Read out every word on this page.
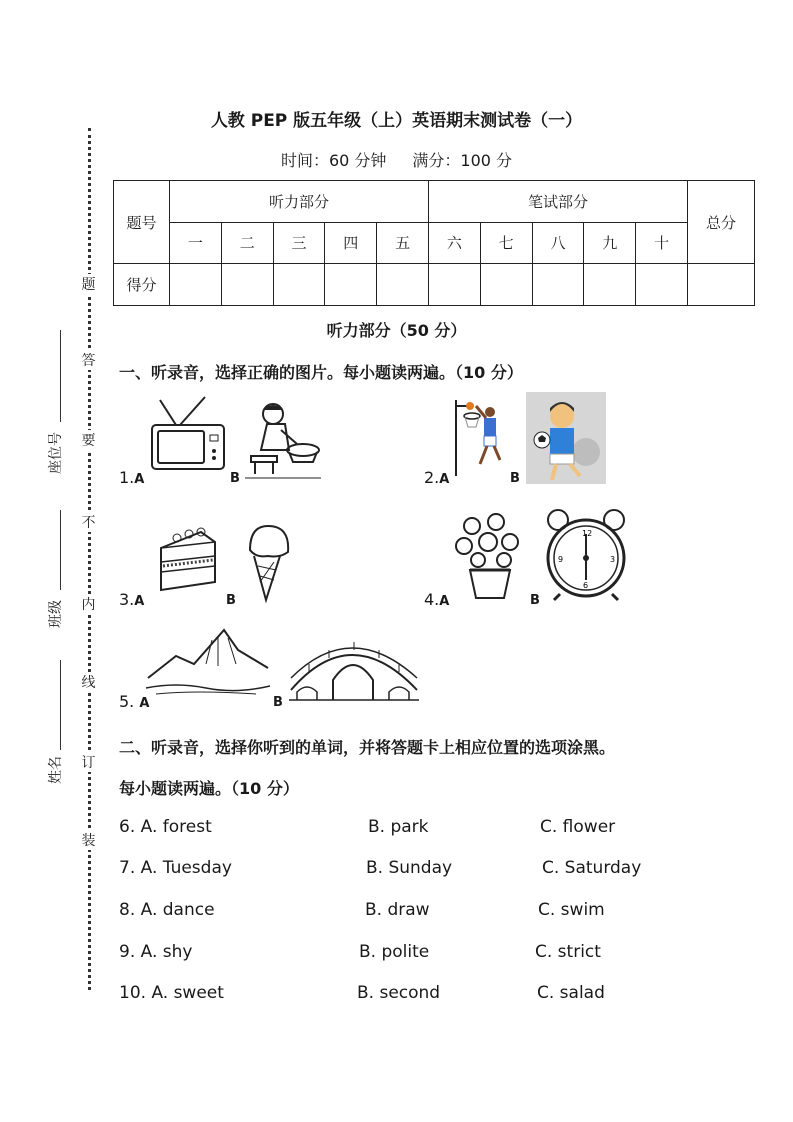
题
答
要
不
内
线
订
装
座位号
班级
姓名
人教 PEP 版五年级（上）英语期末测试卷（一）
时间：60 分钟 满分：100 分
题号	听力部分					笔试部分					总分
	一	二	三	四	五	六	七	八	九	十	
得分											
听力部分（50 分）
一、听录音，选择正确的图片。每小题读两遍。（10 分）
1.A	B	2.A	B
3.A	B	4.A	B
12
6
9	3
5. A	B
二、听录音，选择你听到的单词，并将答题卡上相应位置的选项涂黑。
每小题读两遍。（10 分）
6. A. forest	B. park	C. flower
7. A. Tuesday	B. Sunday	C. Saturday
8. A. dance	B. draw	C. swim
9. A. shy	B. polite	C. strict
10. A. sweet	B. second	C. salad
